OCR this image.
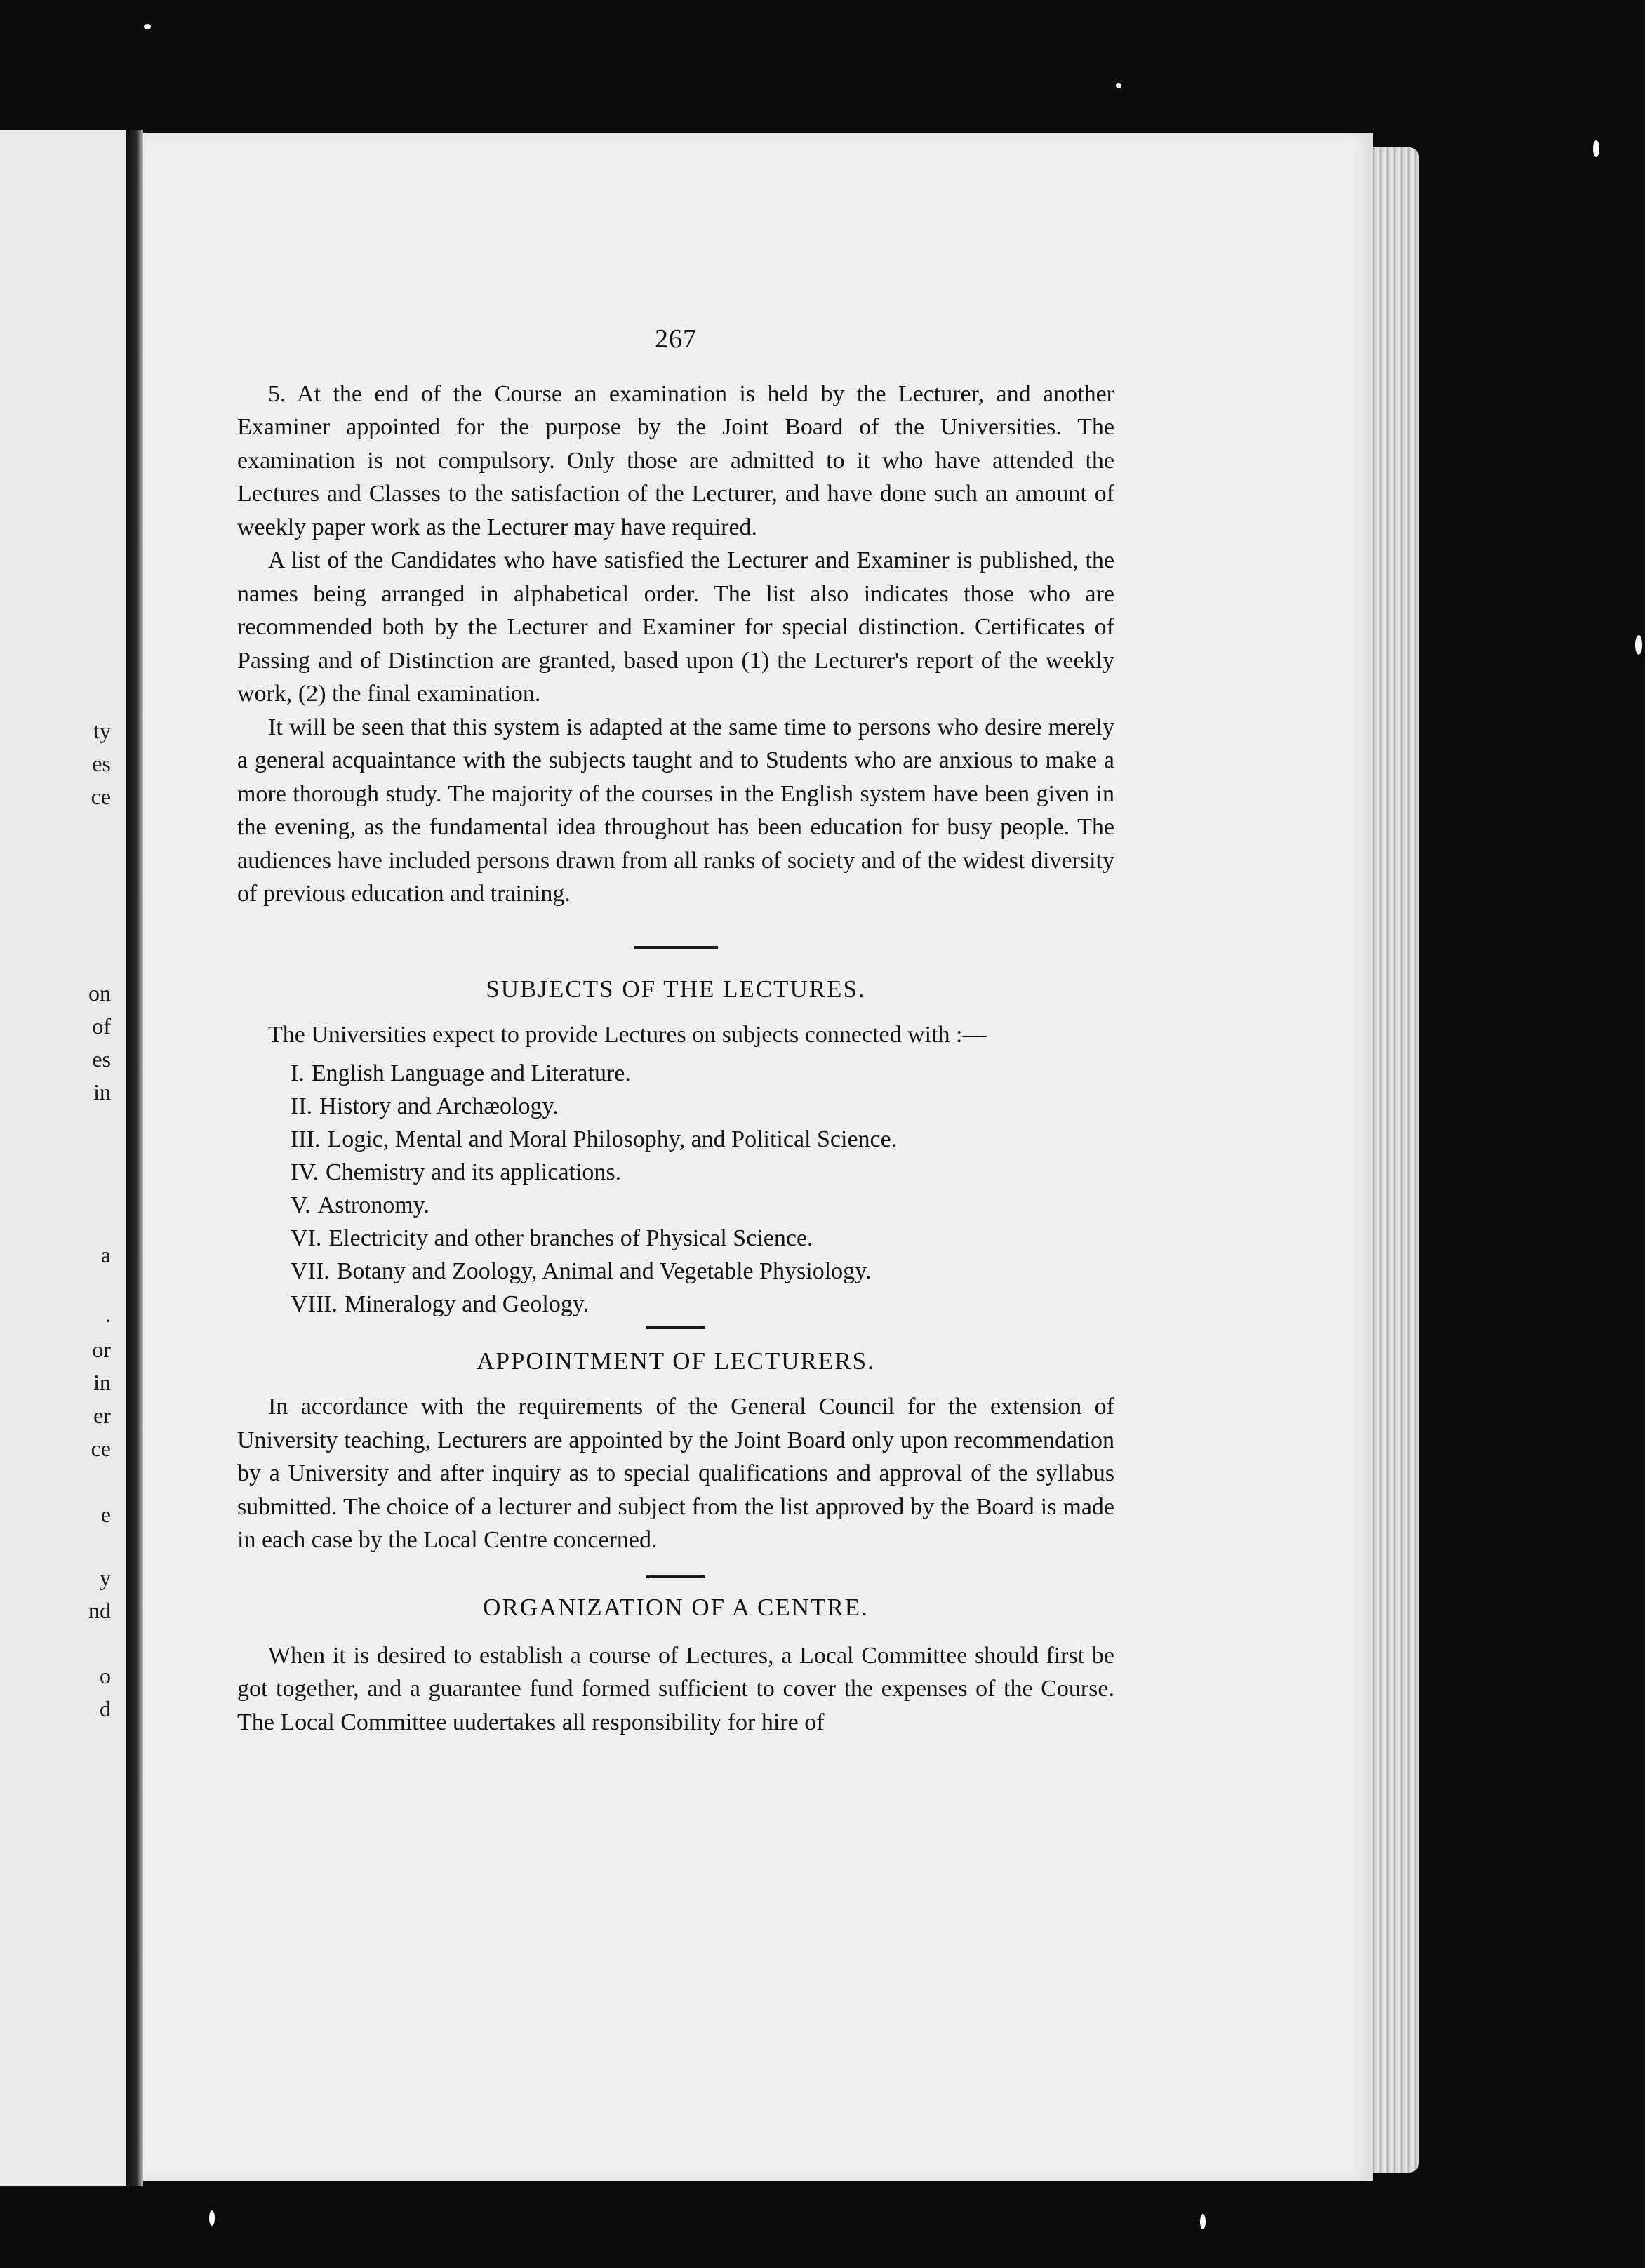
ty
es
ce
on
of
es
in
a
.
or
in
er
ce
e
y
nd
o
d
267

5. At the end of the Course an examination is held by the Lecturer, and another Examiner appointed for the purpose by the Joint Board of the Universities. The examination is not compulsory. Only those are admitted to it who have attended the Lectures and Classes to the satisfaction of the Lecturer, and have done such an amount of weekly paper work as the Lecturer may have required.

A list of the Candidates who have satisfied the Lecturer and Examiner is published, the names being arranged in alphabetical order. The list also indicates those who are recommended both by the Lecturer and Examiner for special distinction. Certificates of Passing and of Distinction are granted, based upon (1) the Lecturer's report of the weekly work, (2) the final examination.

It will be seen that this system is adapted at the same time to persons who desire merely a general acquaintance with the subjects taught and to Students who are anxious to make a more thorough study. The majority of the courses in the English system have been given in the evening, as the fundamental idea throughout has been education for busy people. The audiences have included persons drawn from all ranks of society and of the widest diversity of previous education and training.

SUBJECTS OF THE LECTURES.

The Universities expect to provide Lectures on subjects connected with :—

I. English Language and Literature.
II. History and Archæology.
III. Logic, Mental and Moral Philosophy, and Political Science.
IV. Chemistry and its applications.
V. Astronomy.
VI. Electricity and other branches of Physical Science.
VII. Botany and Zoology, Animal and Vegetable Physiology.
VIII. Mineralogy and Geology.
APPOINTMENT OF LECTURERS.

In accordance with the requirements of the General Council for the extension of University teaching, Lecturers are appointed by the Joint Board only upon recommendation by a University and after inquiry as to special qualifications and approval of the syllabus submitted. The choice of a lecturer and subject from the list approved by the Board is made in each case by the Local Centre concerned.

ORGANIZATION OF A CENTRE.

When it is desired to establish a course of Lectures, a Local Committee should first be got together, and a guarantee fund formed sufficient to cover the expenses of the Course. The Local Committee uudertakes all responsibility for hire of
